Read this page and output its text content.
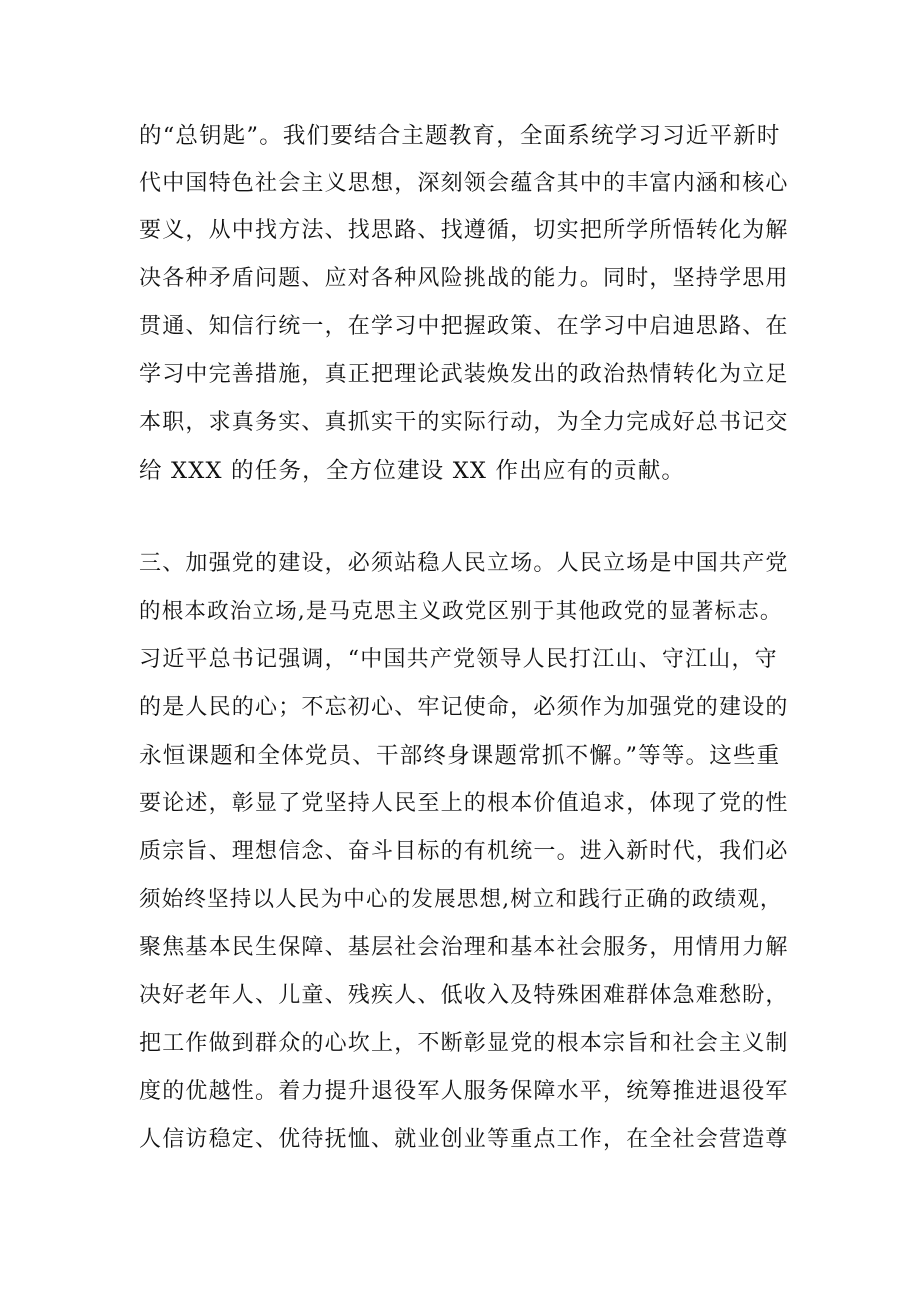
的“总钥匙”。我们要结合主题教育，全面系统学习习近平新时
代中国特色社会主义思想，深刻领会蕴含其中的丰富内涵和核心
要义，从中找方法、找思路、找遵循，切实把所学所悟转化为解
决各种矛盾问题、应对各种风险挑战的能力。同时，坚持学思用
贯通、知信行统一，在学习中把握政策、在学习中启迪思路、在
学习中完善措施，真正把理论武装焕发出的政治热情转化为立足
本职，求真务实、真抓实干的实际行动，为全力完成好总书记交
给 XXX 的任务，全方位建设 XX 作出应有的贡献。
三、加强党的建设，必须站稳人民立场。人民立场是中国共产党
的根本政治立场,是马克思主义政党区别于其他政党的显著标志。
习近平总书记强调，“中国共产党领导人民打江山、守江山，守
的是人民的心；不忘初心、牢记使命，必须作为加强党的建设的
永恒课题和全体党员、干部终身课题常抓不懈。”等等。这些重
要论述，彰显了党坚持人民至上的根本价值追求，体现了党的性
质宗旨、理想信念、奋斗目标的有机统一。进入新时代，我们必
须始终坚持以人民为中心的发展思想,树立和践行正确的政绩观，
聚焦基本民生保障、基层社会治理和基本社会服务，用情用力解
决好老年人、儿童、残疾人、低收入及特殊困难群体急难愁盼，
把工作做到群众的心坎上，不断彰显党的根本宗旨和社会主义制
度的优越性。着力提升退役军人服务保障水平，统筹推进退役军
人信访稳定、优待抚恤、就业创业等重点工作，在全社会营造尊
